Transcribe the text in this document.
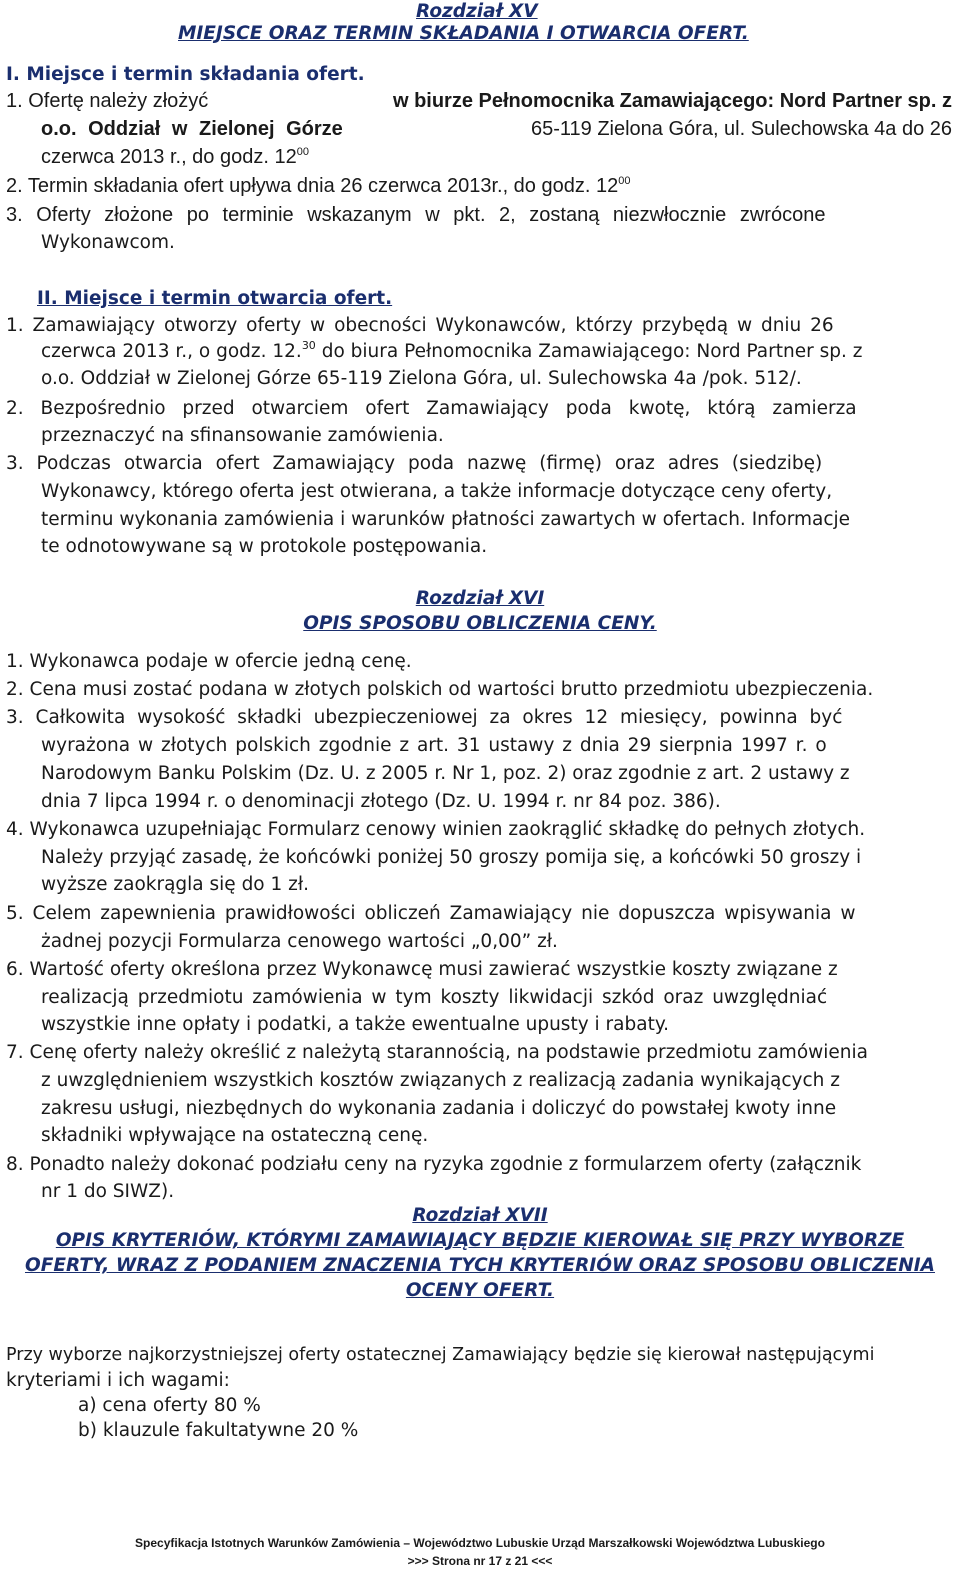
Rozdział XV
MIEJSCE ORAZ TERMIN SKŁADANIA I OTWARCIA OFERT.
I. Miejsce i termin składania ofert.
1. Ofertę należy złożyć	w biurze Pełnomocnika Zamawiającego: Nord Partner sp. z
o.o. Oddział w Zielonej Górze	65-119 Zielona Góra, ul. Sulechowska 4a do 26
czerwca 2013 r., do godz. $12^{00}$
2. Termin składania ofert upływa dnia 26 czerwca 2013r., do godz. $12^{00}$
3. Oferty złożone po terminie wskazanym w pkt. 2, zostaną niezwłocznie zwrócone
Wykonawcom.
II. Miejsce i termin otwarcia ofert.
1. Zamawiający otworzy oferty w obecności Wykonawców, którzy przybędą w dniu 26
czerwca 2013 r., o godz. 12.30 do biura Pełnomocnika Zamawiającego: Nord Partner sp. z
o.o. Oddział w Zielonej Górze 65-119 Zielona Góra, ul. Sulechowska 4a /pok. 512/.
2. Bezpośrednio przed otwarciem ofert Zamawiający poda kwotę, którą zamierza
przeznaczyć na sfinansowanie zamówienia.
3. Podczas otwarcia ofert Zamawiający poda nazwę (firmę) oraz adres (siedzibę)
Wykonawcy, którego oferta jest otwierana, a także informacje dotyczące ceny oferty,
terminu wykonania zamówienia i warunków płatności zawartych w ofertach. Informacje
te odnotowywane są w protokole postępowania.
Rozdział XVI
OPIS SPOSOBU OBLICZENIA CENY.
1. Wykonawca podaje w ofercie jedną cenę.
2. Cena musi zostać podana w złotych polskich od wartości brutto przedmiotu ubezpieczenia.
3. Całkowita wysokość składki ubezpieczeniowej za okres 12 miesięcy, powinna być
wyrażona w złotych polskich zgodnie z art. 31 ustawy z dnia 29 sierpnia 1997 r. o
Narodowym Banku Polskim (Dz. U. z 2005 r. Nr 1, poz. 2) oraz zgodnie z art. 2 ustawy z
dnia 7 lipca 1994 r. o denominacji złotego (Dz. U. 1994 r. nr 84 poz. 386).
4. Wykonawca uzupełniając Formularz cenowy winien zaokrąglić składkę do pełnych złotych.
Należy przyjąć zasadę, że końcówki poniżej 50 groszy pomija się, a końcówki 50 groszy i
wyższe zaokrągla się do 1 zł.
5. Celem zapewnienia prawidłowości obliczeń Zamawiający nie dopuszcza wpisywania w
żadnej pozycji Formularza cenowego wartości „0,00” zł.
6. Wartość oferty określona przez Wykonawcę musi zawierać wszystkie koszty związane z
realizacją przedmiotu zamówienia w tym koszty likwidacji szkód oraz uwzględniać
wszystkie inne opłaty i podatki, a także ewentualne upusty i rabaty.
7. Cenę oferty należy określić z należytą starannością, na podstawie przedmiotu zamówienia
z uwzględnieniem wszystkich kosztów związanych z realizacją zadania wynikających z
zakresu usługi, niezbędnych do wykonania zadania i doliczyć do powstałej kwoty inne
składniki wpływające na ostateczną cenę.
8. Ponadto należy dokonać podziału ceny na ryzyka zgodnie z formularzem oferty (załącznik
nr 1 do SIWZ).
Rozdział XVII
OPIS KRYTERIÓW, KTÓRYMI ZAMAWIAJĄCY BĘDZIE KIEROWAŁ SIĘ PRZY WYBORZE
OFERTY, WRAZ Z PODANIEM ZNACZENIA TYCH KRYTERIÓW ORAZ SPOSOBU OBLICZENIA
OCENY OFERT.
Przy wyborze najkorzystniejszej oferty ostatecznej Zamawiający będzie się kierował następującymi
kryteriami i ich wagami:
a) cena oferty 80 %
b) klauzule fakultatywne 20 %
Specyfikacja Istotnych Warunków Zamówienia – Województwo Lubuskie Urząd Marszałkowski Województwa Lubuskiego
>>> Strona nr 17 z 21 <<<
